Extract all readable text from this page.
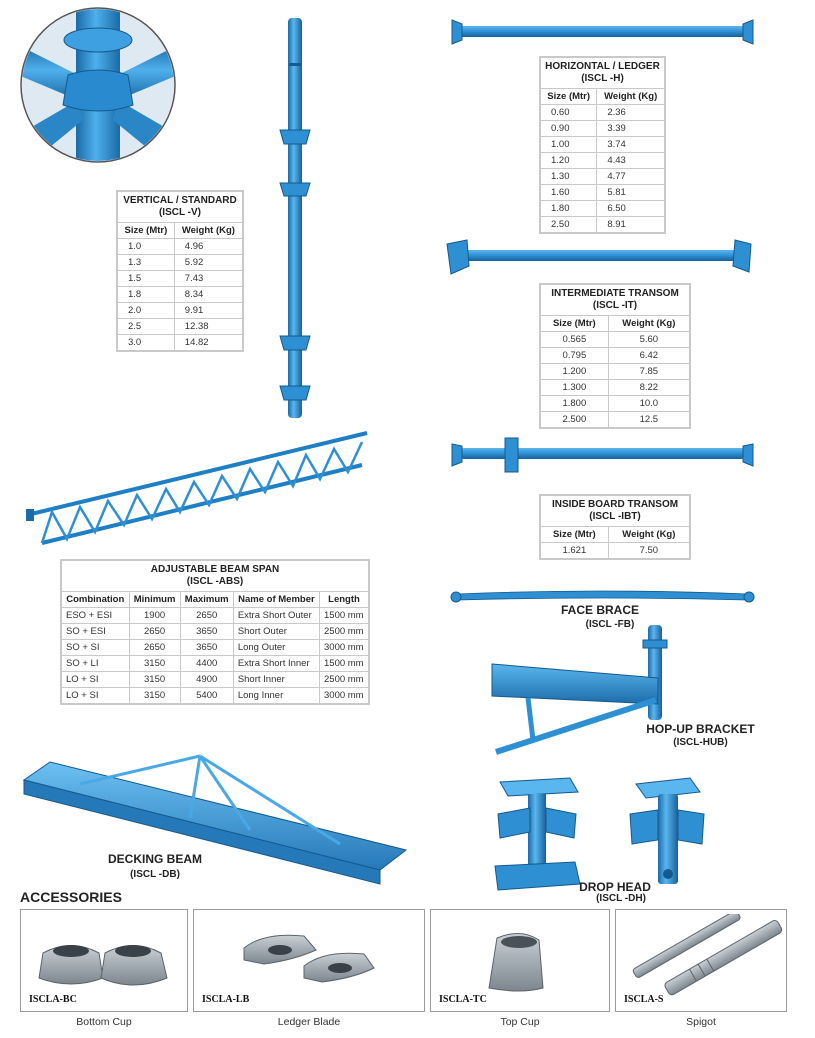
VERTICAL / STANDARD
(ISCL -V)	
Size (Mtr)	Weight (Kg)
1.0	4.96
1.3	5.92
1.5	7.43
1.8	8.34
2.0	9.91
2.5	12.38
3.0	14.82
HORIZONTAL / LEDGER
(ISCL -H)	
Size (Mtr)	Weight (Kg)
0.60	2.36
0.90	3.39
1.00	3.74
1.20	4.43
1.30	4.77
1.60	5.81
1.80	6.50
2.50	8.91
INTERMEDIATE TRANSOM
(ISCL -IT)	
Size (Mtr)	Weight (Kg)
0.565	5.60
0.795	6.42
1.200	7.85
1.300	8.22
1.800	10.0
2.500	12.5
INSIDE BOARD TRANSOM
(ISCL -IBT)	
Size (Mtr)	Weight (Kg)
1.621	7.50
ADJUSTABLE BEAM SPAN
(ISCL -ABS)				
Combination	Minimum	Maximum	Name of Member	Length
ESO + ESI	1900	2650	Extra Short Outer	1500 mm
SO + ESI	2650	3650	Short Outer	2500 mm
SO + SI	2650	3650	Long Outer	3000 mm
SO + LI	3150	4400	Extra Short Inner	1500 mm
LO + SI	3150	4900	Short Inner	2500 mm
LO + SI	3150	5400	Long Inner	3000 mm
FACE BRACE
(ISCL -FB)
HOP-UP BRACKET
(ISCL-HUB)
DECKING BEAM
(ISCL -DB)
DROP HEAD
(ISCL -DH)
ACCESSORIES
ISCLA-BC
Bottom Cup
ISCLA-LB
Ledger Blade
ISCLA-TC
Top Cup
ISCLA-S
Spigot
